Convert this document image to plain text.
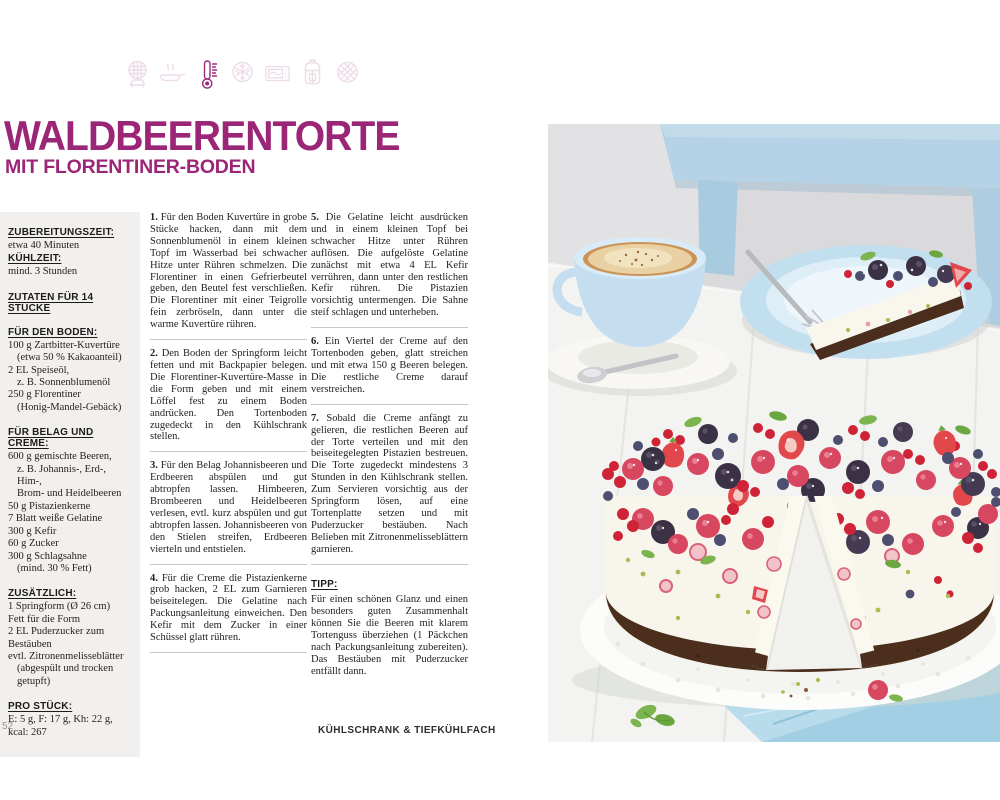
WALDBEERENTORTE
MIT FLORENTINER-BODEN
ZUBEREITUNGSZEIT:
etwa 40 Minuten
KÜHLZEIT:
mind. 3 Stunden
ZUTATEN FÜR 14 STÜCKE
FÜR DEN BODEN:
100 g Zartbitter-Kuvertüre
(etwa 50 % Kakaoanteil)
2 EL Speiseöl,
z. B. Sonnenblumenöl
250 g Florentiner
(Honig-Mandel-Gebäck)
FÜR BELAG UND CREME:
600 g gemischte Beeren,
z. B. Johannis-, Erd-, Him-,
Brom- und Heidelbeeren
50 g Pistazienkerne
7 Blatt weiße Gelatine
300 g Kefir
60 g Zucker
300 g Schlagsahne
(mind. 30 % Fett)
ZUSÄTZLICH:
1 Springform (Ø 26 cm)
Fett für die Form
2 EL Puderzucker zum Bestäuben
evtl. Zitronenmelisseblätter
(abgespült und trocken getupft)
PRO STÜCK:
E: 5 g, F: 17 g, Kh: 22 g, kcal: 267

1. Für den Boden Kuvertüre in grobe Stücke hacken, dann mit dem Sonnenblumenöl in einem kleinen Topf im Wasserbad bei schwacher Hitze unter Rühren schmelzen. Die Florentiner in einen Gefrierbeutel geben, den Beutel fest verschließen. Die Florentiner mit einer Teigrolle fein zerbröseln, dann unter die warme Kuvertüre rühren.

2. Den Boden der Springform leicht fetten und mit Backpapier belegen. Die Florentiner-Kuvertüre-Masse in die Form geben und mit einem Löffel fest zu einem Boden andrücken. Den Tortenboden zugedeckt in den Kühlschrank stellen.

3. Für den Belag Johannisbeeren und Erdbeeren abspülen und gut abtropfen lassen. Himbeeren, Brombeeren und Heidelbeeren verlesen, evtl. kurz abspülen und gut abtropfen lassen. Johannisbeeren von den Stielen streifen, Erdbeeren vierteln und entstielen.

4. Für die Creme die Pistazienkerne grob hacken, 2 EL zum Garnieren beiseitelegen. Die Gelatine nach Packungsanleitung einweichen. Den Kefir mit dem Zucker in einer Schüssel glatt rühren.

5. Die Gelatine leicht ausdrücken und in einem kleinen Topf bei schwacher Hitze unter Rühren auflösen. Die aufgelöste Gelatine zunächst mit etwa 4 EL Kefir verrühren, dann unter den restlichen Kefir rühren. Die Pistazien vorsichtig untermengen. Die Sahne steif schlagen und unterheben.

6. Ein Viertel der Creme auf den Tortenboden geben, glatt streichen und mit etwa 150 g Beeren belegen. Die restliche Creme darauf verstreichen.

7. Sobald die Creme anfängt zu gelieren, die restlichen Beeren auf der Torte verteilen und mit den beiseitegelegten Pistazien bestreuen. Die Torte zugedeckt mindestens 3 Stunden in den Kühlschrank stellen. Zum Servieren vorsichtig aus der Springform lösen, auf eine Tortenplatte setzen und mit Puderzucker bestäuben. Nach Belieben mit Zitronenmelisseblättern garnieren.

TIPP:

Für einen schönen Glanz und einen besonders guten Zusammenhalt können Sie die Beeren mit klarem Tortenguss überziehen (1 Päckchen nach Packungsanleitung zubereiten). Das Bestäuben mit Puderzucker entfällt dann.

52	KÜHLSCHRANK & TIEFKÜHLFACH
